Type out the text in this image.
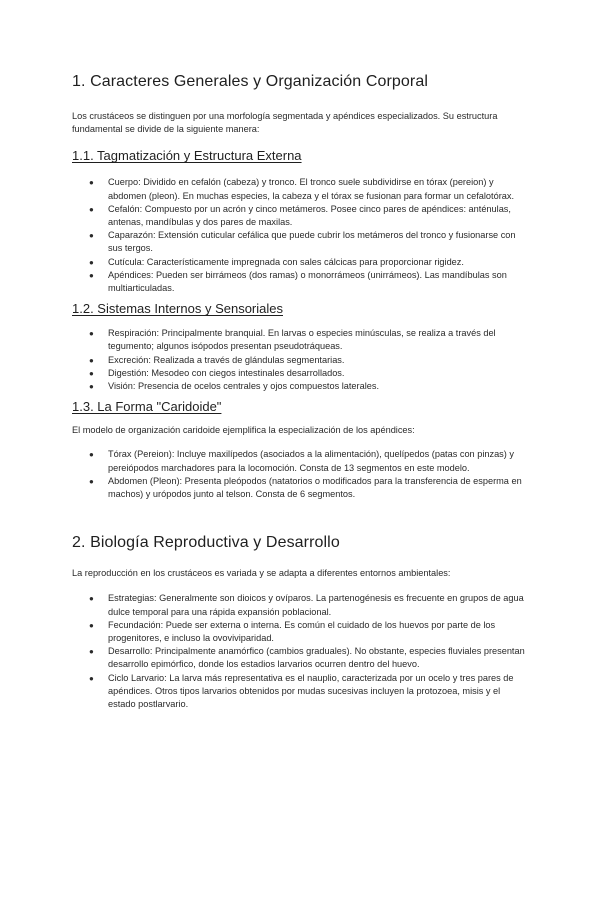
1. Caracteres Generales y Organización Corporal

Los crustáceos se distinguen por una morfología segmentada y apéndices especializados. Su estructura fundamental se divide de la siguiente manera:

1.1. Tagmatización y Estructura Externa
● Cuerpo: Dividido en cefalón (cabeza) y tronco. El tronco suele subdividirse en tórax (pereion) y abdomen (pleon). En muchas especies, la cabeza y el tórax se fusionan para formar un cefalotórax.
● Cefalón: Compuesto por un acrón y cinco metámeros. Posee cinco pares de apéndices: anténulas, antenas, mandíbulas y dos pares de maxilas.
● Caparazón: Extensión cuticular cefálica que puede cubrir los metámeros del tronco y fusionarse con sus tergos.
● Cutícula: Característicamente impregnada con sales cálcicas para proporcionar rigidez.
● Apéndices: Pueden ser birrámeos (dos ramas) o monorrámeos (unirrámeos). Las mandíbulas son multiarticuladas.
1.2. Sistemas Internos y Sensoriales
● Respiración: Principalmente branquial. En larvas o especies minúsculas, se realiza a través del tegumento; algunos isópodos presentan pseudotráqueas.
● Excreción: Realizada a través de glándulas segmentarias.
● Digestión: Mesodeo con ciegos intestinales desarrollados.
● Visión: Presencia de ocelos centrales y ojos compuestos laterales.
1.3. La Forma "Caridoide"

El modelo de organización caridoide ejemplifica la especialización de los apéndices:

● Tórax (Pereion): Incluye maxilípedos (asociados a la alimentación), quelípedos (patas con pinzas) y pereiópodos marchadores para la locomoción. Consta de 13 segmentos en este modelo.
● Abdomen (Pleon): Presenta pleópodos (natatorios o modificados para la transferencia de esperma en machos) y urópodos junto al telson. Consta de 6 segmentos.
2. Biología Reproductiva y Desarrollo

La reproducción en los crustáceos es variada y se adapta a diferentes entornos ambientales:

● Estrategias: Generalmente son dioicos y ovíparos. La partenogénesis es frecuente en grupos de agua dulce temporal para una rápida expansión poblacional.
● Fecundación: Puede ser externa o interna. Es común el cuidado de los huevos por parte de los progenitores, e incluso la ovoviviparidad.
● Desarrollo: Principalmente anamórfico (cambios graduales). No obstante, especies fluviales presentan desarrollo epimórfico, donde los estadios larvarios ocurren dentro del huevo.
● Ciclo Larvario: La larva más representativa es el nauplio, caracterizada por un ocelo y tres pares de apéndices. Otros tipos larvarios obtenidos por mudas sucesivas incluyen la protozoea, misis y el estado postlarvario.
